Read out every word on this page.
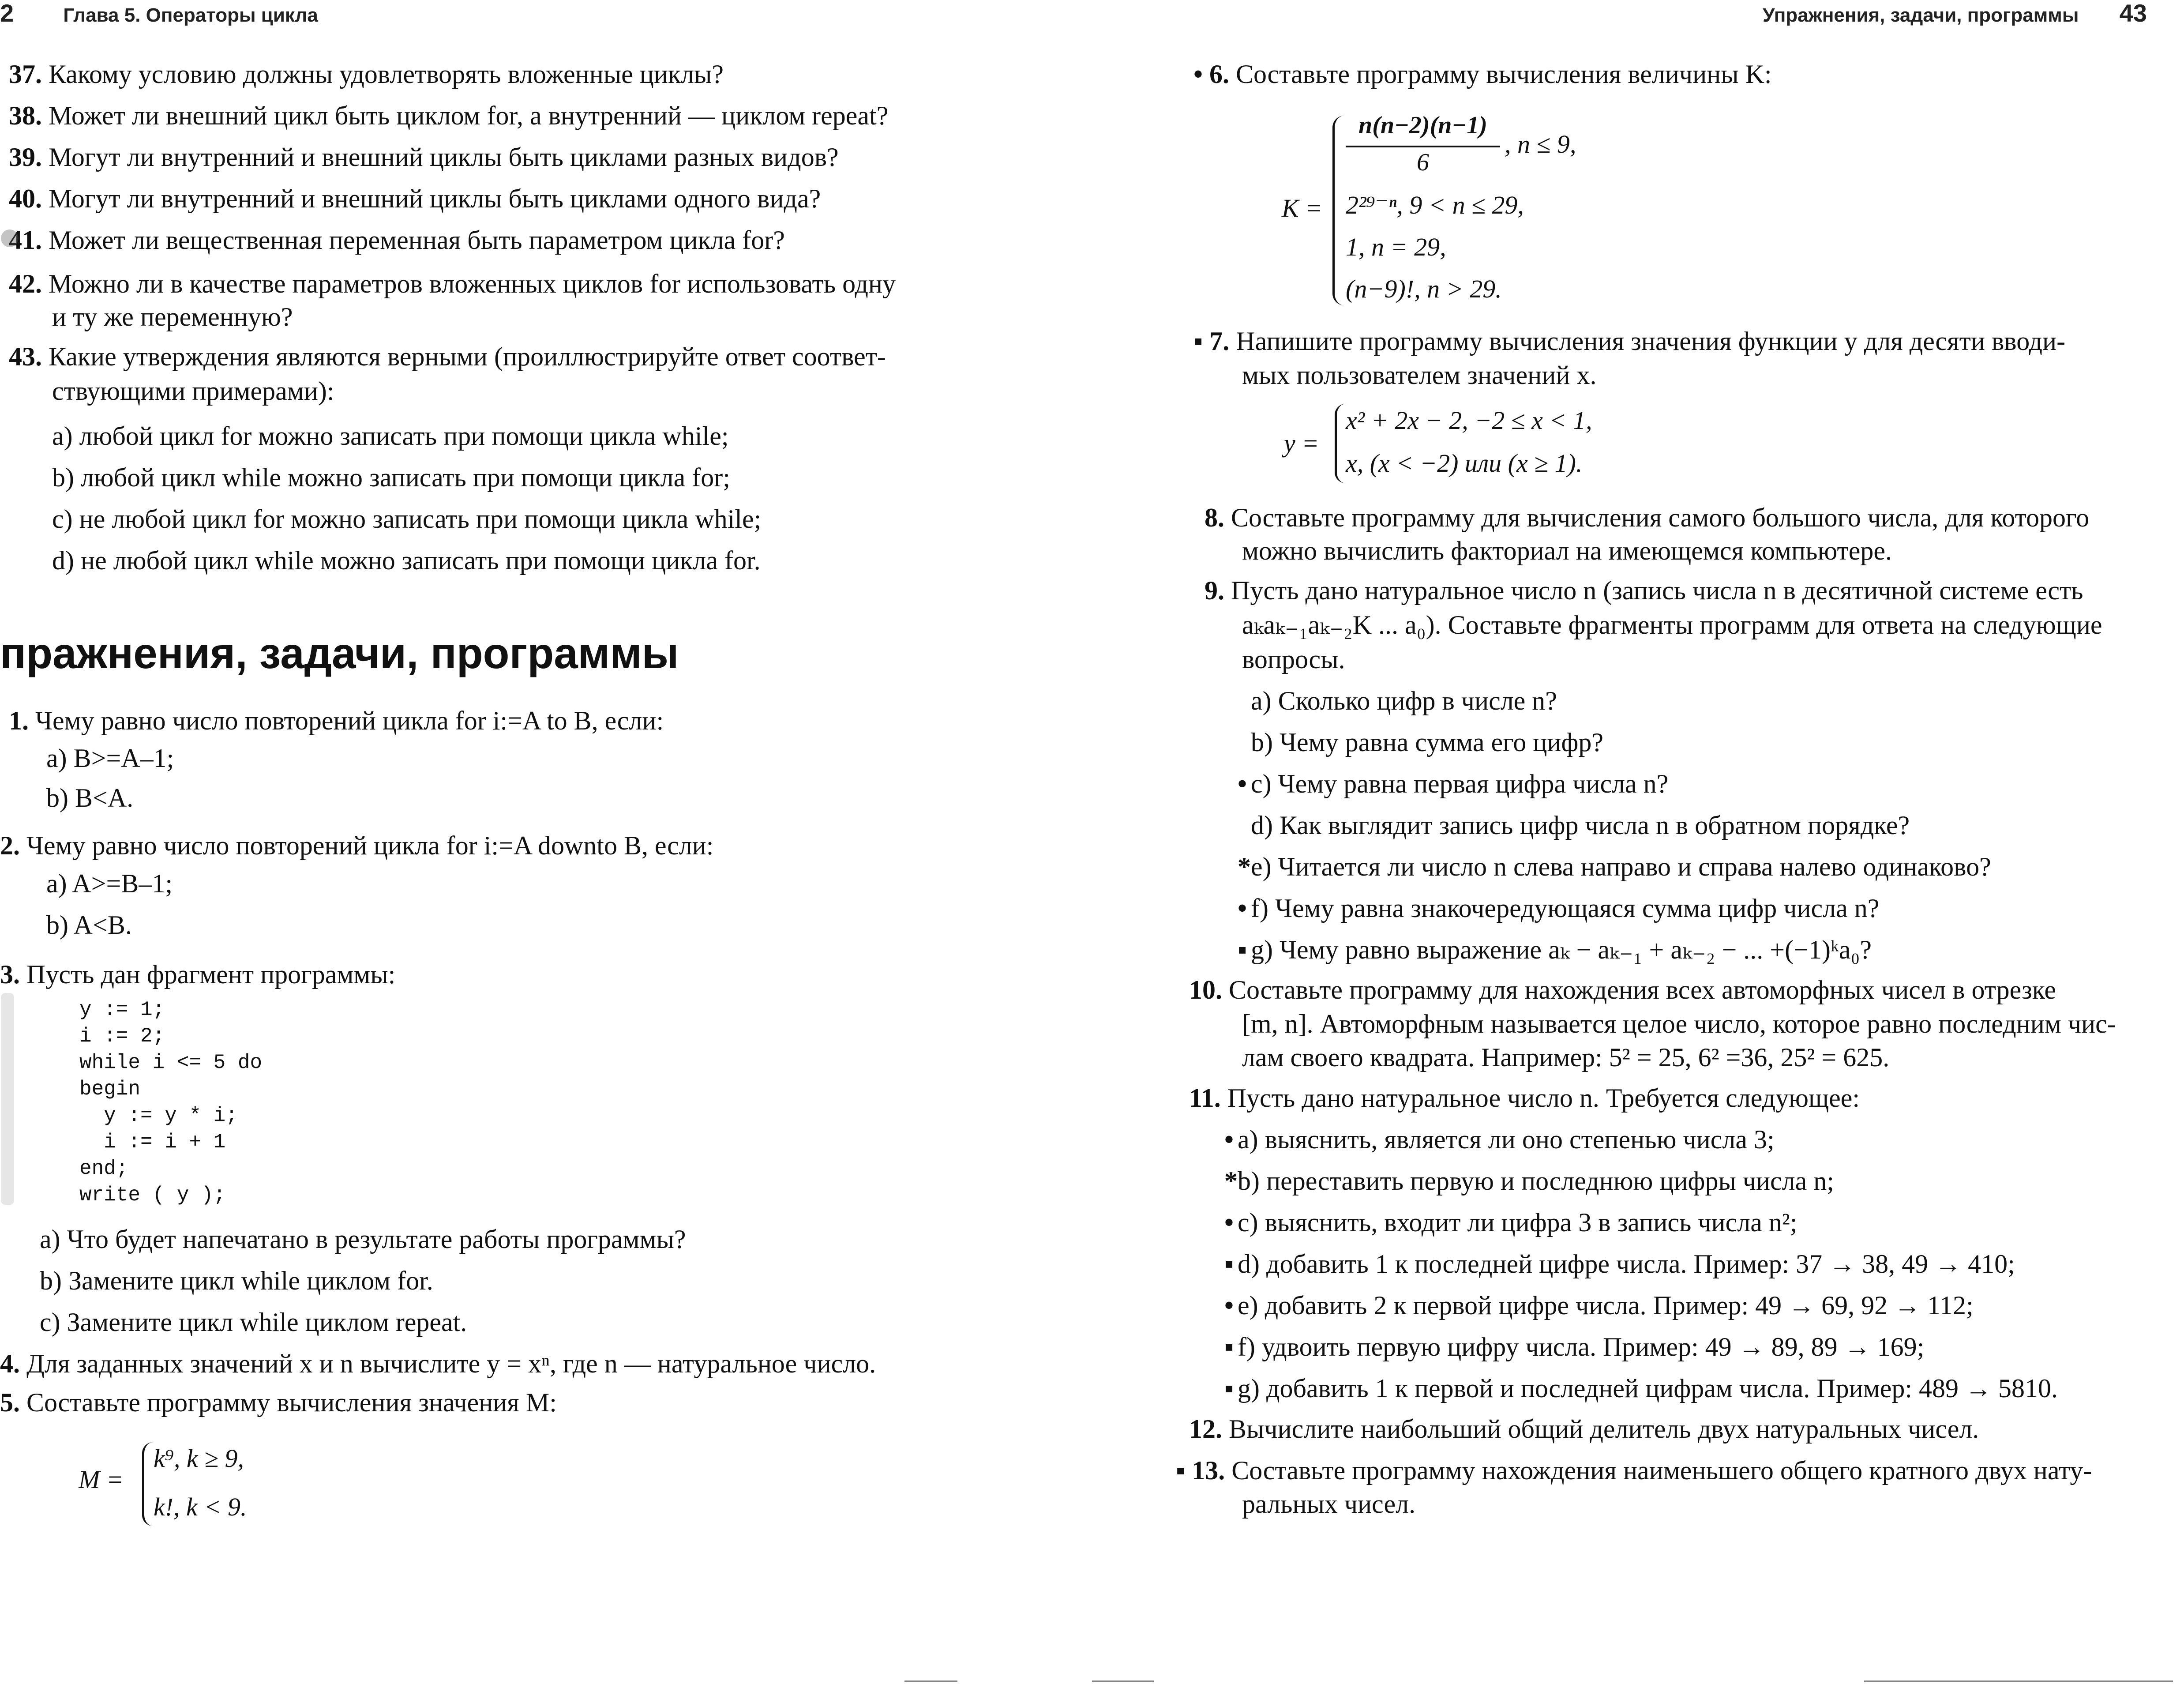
2	Глава 5. Операторы цикла
37. Какому условию должны удовлетворять вложенные циклы?
38. Может ли внешний цикл быть циклом for, а внутренний — циклом repeat?
39. Могут ли внутренний и внешний циклы быть циклами разных видов?
40. Могут ли внутренний и внешний циклы быть циклами одного вида?
41. Может ли вещественная переменная быть параметром цикла for?
42. Можно ли в качестве параметров вложенных циклов for использовать одну
и ту же переменную?
43. Какие утверждения являются верными (проиллюстрируйте ответ соответ-
ствующими примерами):
a) любой цикл for можно записать при помощи цикла while;
b) любой цикл while можно записать при помощи цикла for;
c) не любой цикл for можно записать при помощи цикла while;
d) не любой цикл while можно записать при помощи цикла for.
пражнения, задачи, программы
1. Чему равно число повторений цикла for i:=A to B, если:
a) B>=A–1;
b) B<A.
2. Чему равно число повторений цикла for i:=A downto B, если:
a) A>=B–1;
b) A<B.
3. Пусть дан фрагмент программы:
y := 1;
i := 2;
while i <= 5 do
begin
y := y * i;
i := i + 1
end;
write ( y );
a) Что будет напечатано в результате работы программы?
b) Замените цикл while циклом for.
c) Замените цикл while циклом repeat.
4. Для заданных значений x и n вычислите y = xⁿ, где n — натуральное число.
5. Составьте программу вычисления значения M:
M =
k⁹, k ≥ 9,
k!, k < 9.
Упражнения, задачи, программы 43
• 6. Составьте программу вычисления величины K:
K =
n(n−2)(n−1)
6
, n ≤ 9,
2²⁹⁻ⁿ, 9 < n ≤ 29,
1, n = 29,
(n−9)!, n > 29.
▪ 7. Напишите программу вычисления значения функции y для десяти вводи-
мых пользователем значений x.
y =
x² + 2x − 2, −2 ≤ x < 1,
x, (x < −2) или (x ≥ 1).
8. Составьте программу для вычисления самого большого числа, для которого
можно вычислить факториал на имеющемся компьютере.
9. Пусть дано натуральное число n (запись числа n в десятичной системе есть
aₖaₖ₋₁aₖ₋₂K ... a₀). Составьте фрагменты программ для ответа на следующие
вопросы.
a) Сколько цифр в числе n?
b) Чему равна сумма его цифр?
• c) Чему равна первая цифра числа n?
d) Как выглядит запись цифр числа n в обратном порядке?
*e) Читается ли число n слева направо и справа налево одинаково?
• f) Чему равна знакочередующаяся сумма цифр числа n?
▪ g) Чему равно выражение aₖ − aₖ₋₁ + aₖ₋₂ − ... +(−1)ᵏa₀?
10. Составьте программу для нахождения всех автоморфных чисел в отрезке
[m, n]. Автоморфным называется целое число, которое равно последним чис-
лам своего квадрата. Например: 5² = 25, 6² =36, 25² = 625.
11. Пусть дано натуральное число n. Требуется следующее:
• a) выяснить, является ли оно степенью числа 3;
*b) переставить первую и последнюю цифры числа n;
• c) выяснить, входит ли цифра 3 в запись числа n²;
▪ d) добавить 1 к последней цифре числа. Пример: 37 → 38, 49 → 410;
• e) добавить 2 к первой цифре числа. Пример: 49 → 69, 92 → 112;
▪ f) удвоить первую цифру числа. Пример: 49 → 89, 89 → 169;
▪ g) добавить 1 к первой и последней цифрам числа. Пример: 489 → 5810.
12. Вычислите наибольший общий делитель двух натуральных чисел.
▪ 13. Составьте программу нахождения наименьшего общего кратного двух нату-
ральных чисел.
